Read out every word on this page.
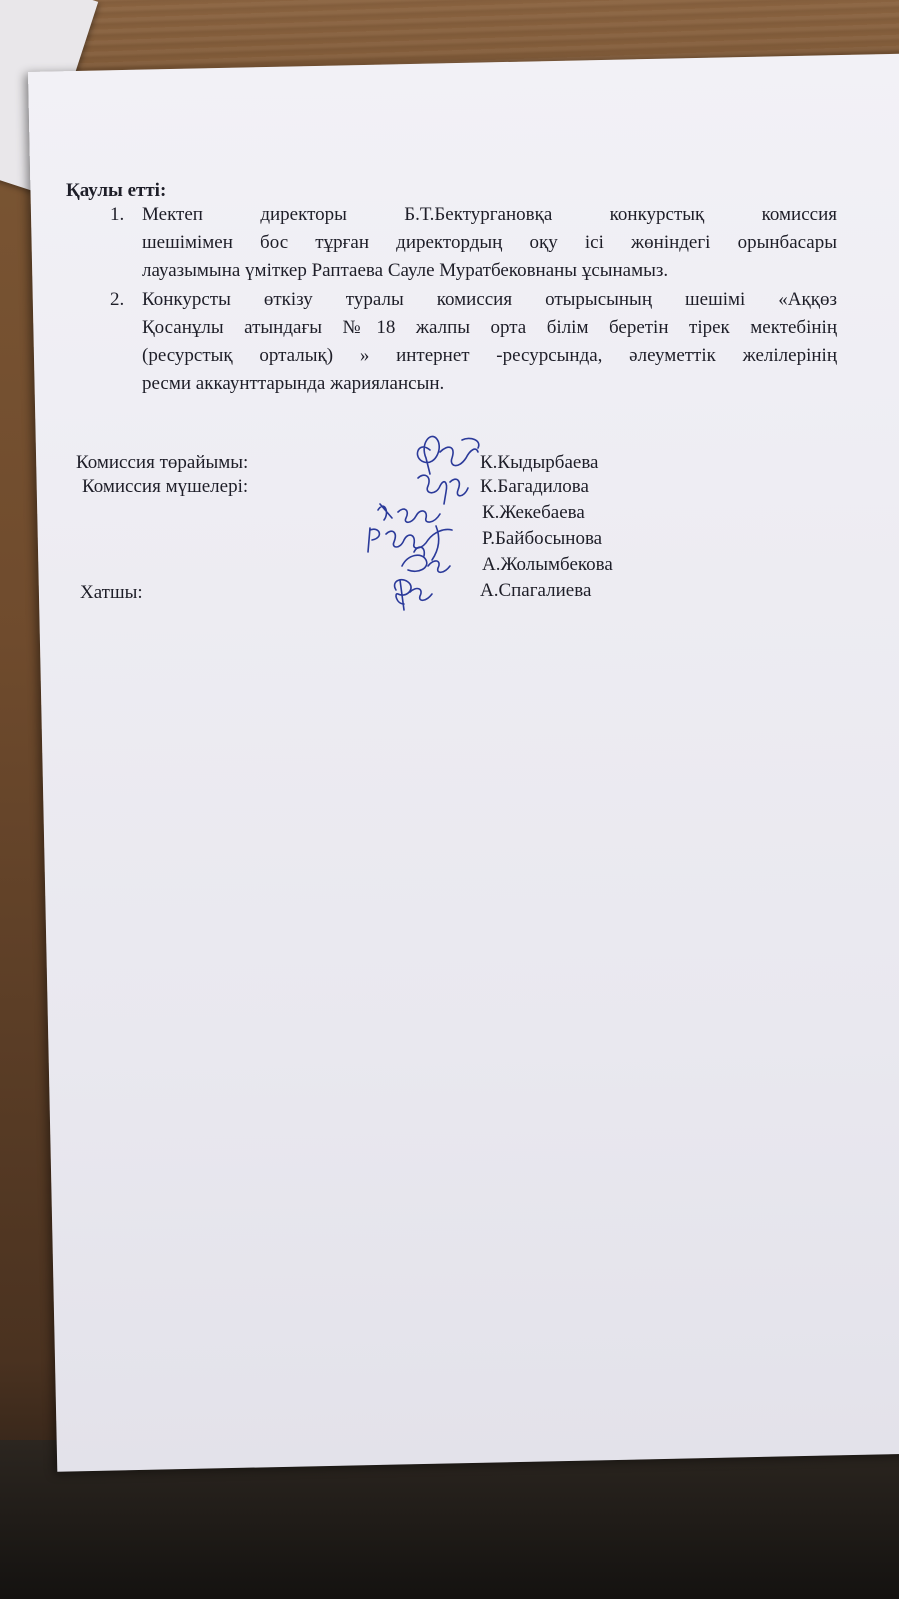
Қаулы етті:
1. Мектеп директоры Б.Т.Бектургановқа конкурстық комиссия
шешімімен бос тұрған директордың оқу ісі жөніндегі орынбасары
лауазымына үміткер Раптаева Сауле Муратбековнаны ұсынамыз.
2. Конкурсты өткізу туралы комиссия отырысының шешімі «Аққөз
Қосанұлы атындағы №18 жалпы орта білім беретін тірек мектебінің
(ресурстық орталық) » интернет -ресурсында, әлеуметтік желілерінің
ресми аккаунттарында жариялансын.
Комиссия төрайымы:
Комиссия мүшелері:
Хатшы:
К.Кыдырбаева
К.Багадилова
К.Жекебаева
Р.Байбосынова
А.Жолымбекова
А.Спагалиева
